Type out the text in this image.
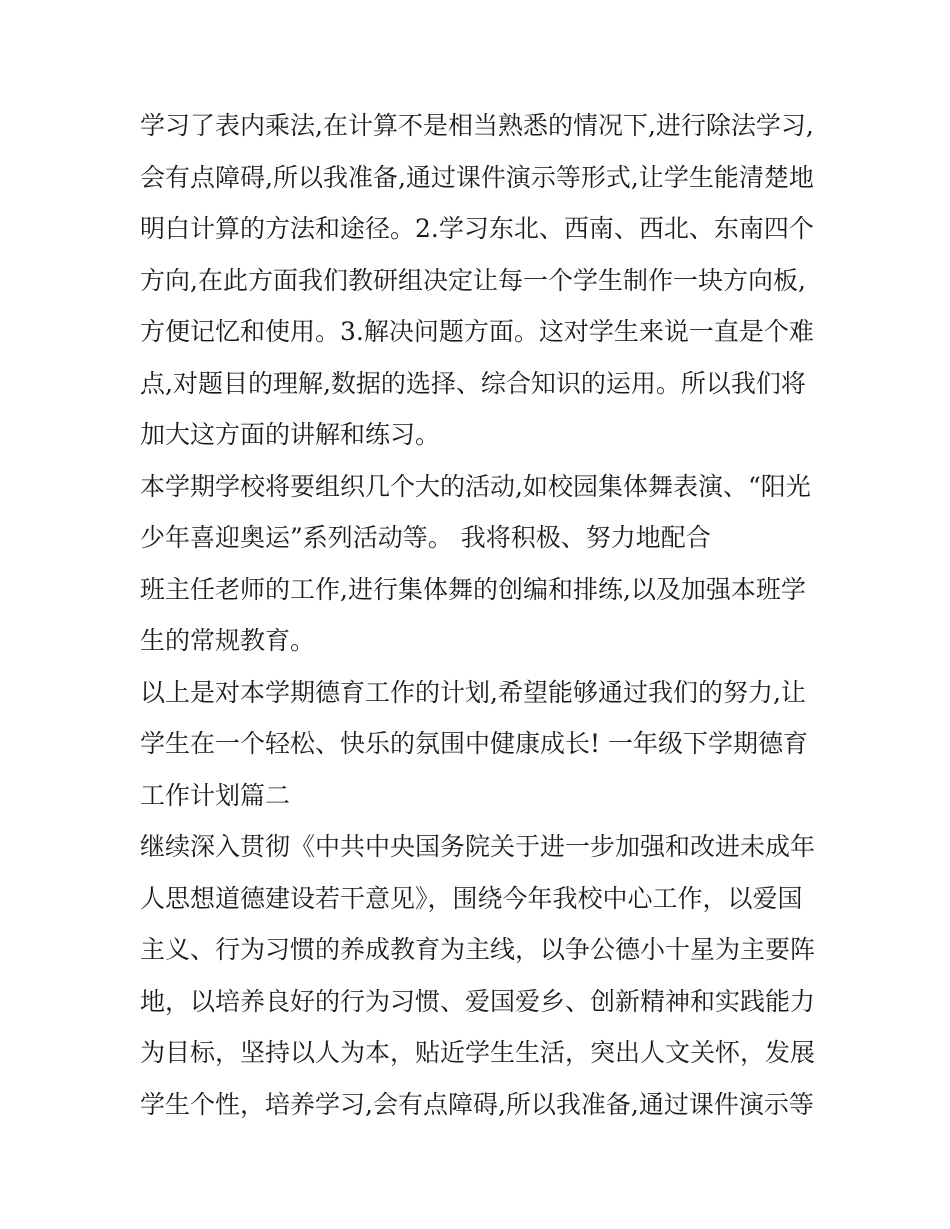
学习了表内乘法,在计算不是相当熟悉的情况下,进行除法学习,
会有点障碍,所以我准备,通过课件演示等形式,让学生能清楚地
明白计算的方法和途径。2.学习东北、西南、西北、东南四个
方向,在此方面我们教研组决定让每一个学生制作一块方向板,
方便记忆和使用。3.解决问题方面。这对学生来说一直是个难
点,对题目的理解,数据的选择、综合知识的运用。所以我们将
加大这方面的讲解和练习。
本学期学校将要组织几个大的活动,如校园集体舞表演、“阳光
少年喜迎奥运”系列活动等。 我将积极、努力地配合
班主任老师的工作,进行集体舞的创编和排练,以及加强本班学
生的常规教育。
以上是对本学期德育工作的计划,希望能够通过我们的努力,让
学生在一个轻松、快乐的氛围中健康成长! 一年级下学期德育
工作计划篇二
继续深入贯彻《中共中央国务院关于进一步加强和改进未成年
人思想道德建设若干意见》，围绕今年我校中心工作，以爱国
主义、行为习惯的养成教育为主线，以争公德小十星为主要阵
地，以培养良好的行为习惯、爱国爱乡、创新精神和实践能力
为目标，坚持以人为本，贴近学生生活，突出人文关怀，发展
学生个性，培养学习,会有点障碍,所以我准备,通过课件演示等
